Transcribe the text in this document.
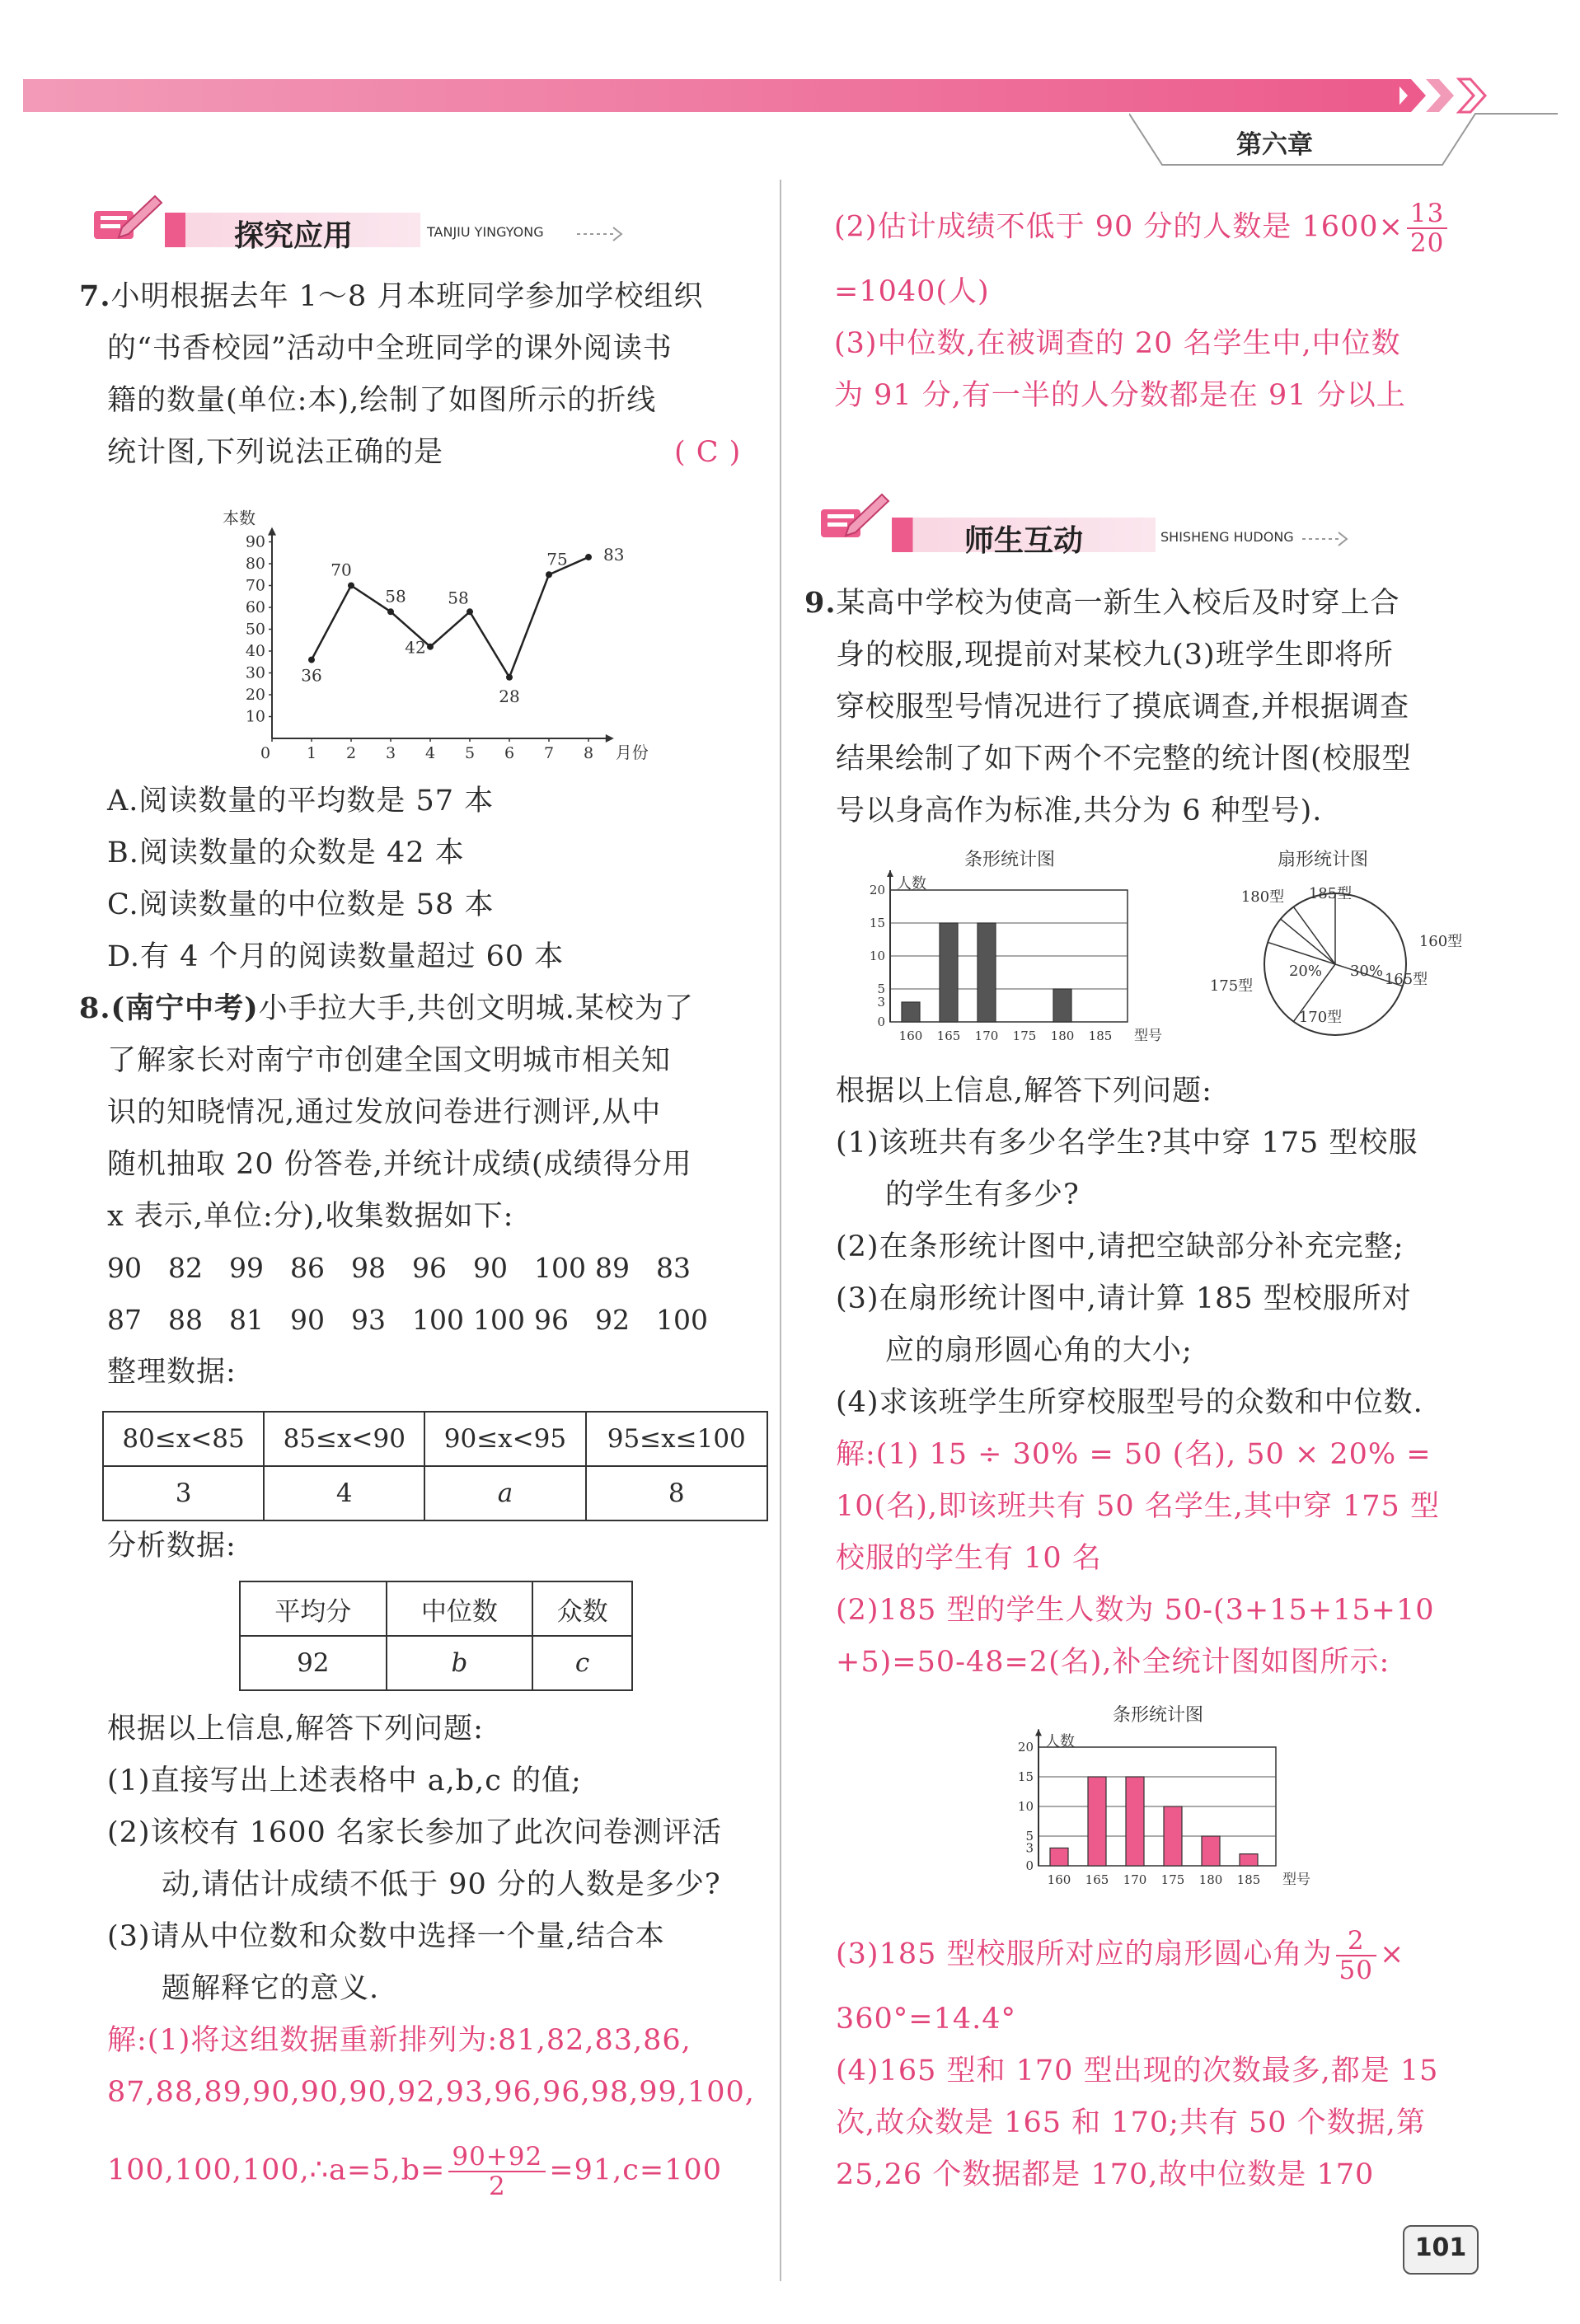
第六章
探究应用	TANJIU YINGYONG
7.小明根据去年 1～8 月本班同学参加学校组织
的“书香校园”活动中全班同学的课外阅读书
籍的数量(单位:本),绘制了如图所示的折线
统计图,下列说法正确的是	( C )
本数
月份
10
20
30
40
50
60
70
80
90
0 1 2 3 4 5 6 7 8
36
70
58
42
58
28
75 83
A.阅读数量的平均数是 57 本
B.阅读数量的众数是 42 本
C.阅读数量的中位数是 58 本
D.有 4 个月的阅读数量超过 60 本
8.(南宁中考)小手拉大手,共创文明城.某校为了
了解家长对南宁市创建全国文明城市相关知
识的知晓情况,通过发放问卷进行测评,从中
随机抽取 20 份答卷,并统计成绩(成绩得分用
x 表示,单位:分),收集数据如下:
90 82 99 86 98 96 90 100 89 83
87 88 81 90 93 100 100 96 92 100
整理数据:
80≤x<85	85≤x<90	90≤x<95	95≤x≤100
3	4	a	8
分析数据:
平均分	中位数	众数
92	b	c
根据以上信息,解答下列问题:
(1)直接写出上述表格中 a,b,c 的值;
(2)该校有 1600 名家长参加了此次问卷测评活
动,请估计成绩不低于 90 分的人数是多少?
(3)请从中位数和众数中选择一个量,结合本
题解释它的意义.
解:(1)将这组数据重新排列为:81,82,83,86,
87,88,89,90,90,90,92,93,96,96,98,99,100,
100,100,100,∴a=5,b= $\frac{90+92}{2} =91,c=100$
(2)估计成绩不低于 90 分的人数是 $1600\times \frac{13}{20}$
=1040(人)
(3)中位数,在被调查的 20 名学生中,中位数
为 91 分,有一半的人分数都是在 91 分以上
师生互动	SHISHENG HUDONG
9.某高中学校为使高一新生入校后及时穿上合
身的校服,现提前对某校九(3)班学生即将所
穿校服型号情况进行了摸底调查,并根据调查
结果绘制了如下两个不完整的统计图(校服型
号以身高作为标准,共分为 6 种型号).
条形统计图
人数
0
3
5
10
15
20
160 165 170 175 180 185 型号
扇形统计图
160型
165型
170型
175型
180型 185型
20% 30%
根据以上信息,解答下列问题:
(1)该班共有多少名学生?其中穿 175 型校服
的学生有多少?
(2)在条形统计图中,请把空缺部分补充完整;
(3)在扇形统计图中,请计算 185 型校服所对
应的扇形圆心角的大小;
(4)求该班学生所穿校服型号的众数和中位数.
解:(1) 15 ÷ 30% = 50 (名), 50 × 20% =
10(名),即该班共有 50 名学生,其中穿 175 型
校服的学生有 10 名
(2)185 型的学生人数为 50-(3+15+15+10
+5)=50-48=2(名),补全统计图如图所示:
条形统计图
人数
0
3
5
10
15
20
160 165 170 175 180 185 型号
(3)185 型校服所对应的扇形圆心角为 $\frac{2}{50}$ ×
360°=14.4°
(4)165 型和 170 型出现的次数最多,都是 15
次,故众数是 165 和 170;共有 50 个数据,第
25,26 个数据都是 170,故中位数是 170
101
